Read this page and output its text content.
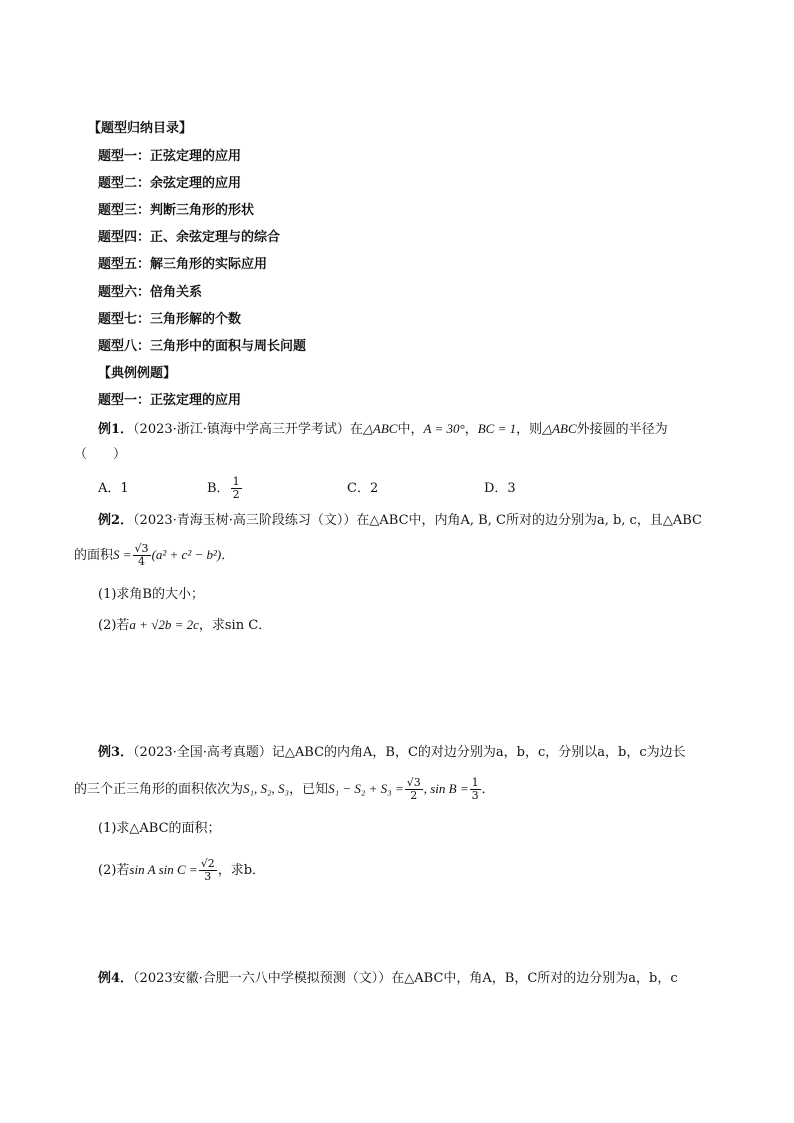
【题型归纳目录】
题型一：正弦定理的应用
题型二：余弦定理的应用
题型三：判断三角形的形状
题型四：正、余弦定理与的综合
题型五：解三角形的实际应用
题型六：倍角关系
题型七：三角形解的个数
题型八：三角形中的面积与周长问题
【典例例题】
题型一：正弦定理的应用
例1．（2023·浙江·镇海中学高三开学考试）在△ABC中，A = 30°，BC = 1，则△ABC外接圆的半径为
（　　）
A．1	B． $\frac{1}{2}$	C．2	D．3
例2．（2023·青海玉树·高三阶段练习（文））在△ABC中，内角A, B, C所对的边分别为a, b, c，且△ABC
的面积$S = \frac{√3}{4} (a^2 + c^2 - b^2)$．
(1)求角B的大小；
(2)若a + √2b = 2c，求sin C．
例3．（2023·全国·高考真题）记△ABC的内角A，B，C的对边分别为a，b，c，分别以a，b，c为边长
的三个正三角形的面积依次为S₁, S₂, S₃，已知$S_1 - S_2 + S_3 = \frac{√3}{2}$ , $\sin B = \frac{1}{3}$ ．
(1)求△ABC的面积；
(2)若sin A $\sin C = \frac{√2}{3}$ ，求b．
例4．（2023安徽·合肥一六八中学模拟预测（文））在△ABC中，角A，B，C所对的边分别为a，b，c
